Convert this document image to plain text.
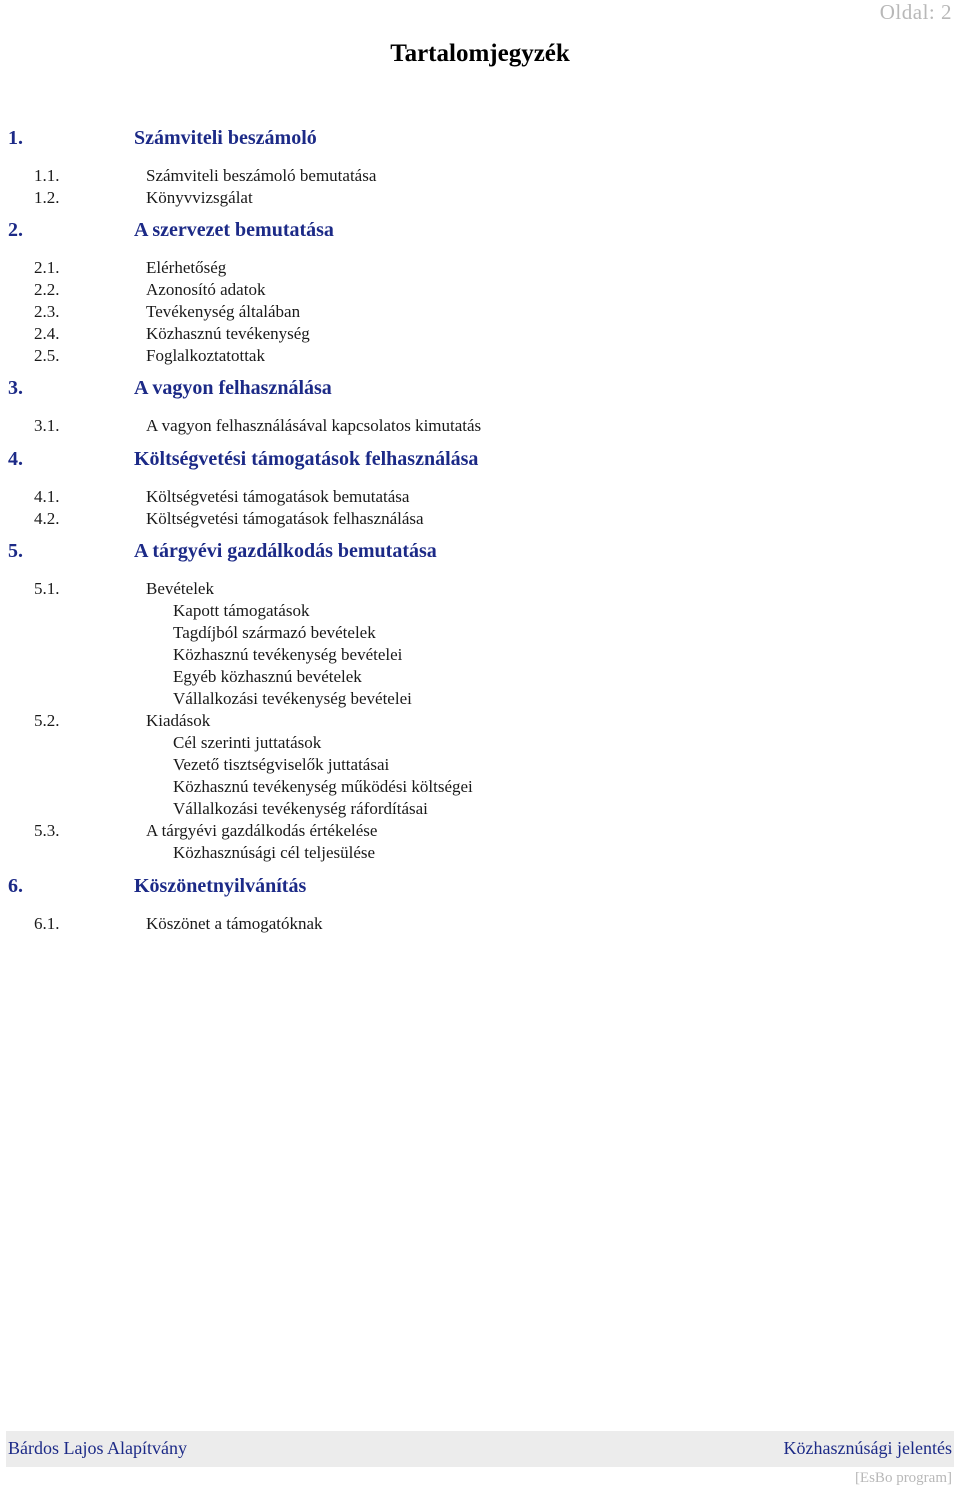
Oldal: 2
Tartalomjegyzék
1.	Számviteli beszámoló
1.1.	Számviteli beszámoló bemutatása
1.2.	Könyvvizsgálat
2.	A szervezet bemutatása
2.1.	Elérhetőség
2.2.	Azonosító adatok
2.3.	Tevékenység általában
2.4.	Közhasznú tevékenység
2.5.	Foglalkoztatottak
3.	A vagyon felhasználása
3.1.	A vagyon felhasználásával kapcsolatos kimutatás
4.	Költségvetési támogatások felhasználása
4.1.	Költségvetési támogatások bemutatása
4.2.	Költségvetési támogatások felhasználása
5.	A tárgyévi gazdálkodás bemutatása
5.1.	Bevételek
Kapott támogatások
Tagdíjból származó bevételek
Közhasznú tevékenység bevételei
Egyéb közhasznú bevételek
Vállalkozási tevékenység bevételei
5.2.	Kiadások
Cél szerinti juttatások
Vezető tisztségviselők juttatásai
Közhasznú tevékenység működési költségei
Vállalkozási tevékenység ráfordításai
5.3.	A tárgyévi gazdálkodás értékelése
Közhasznúsági cél teljesülése
6.	Köszönetnyilvánítás
6.1.	Köszönet a támogatóknak
Bárdos Lajos Alapítvány	Közhasznúsági jelentés
[EsBo program]
